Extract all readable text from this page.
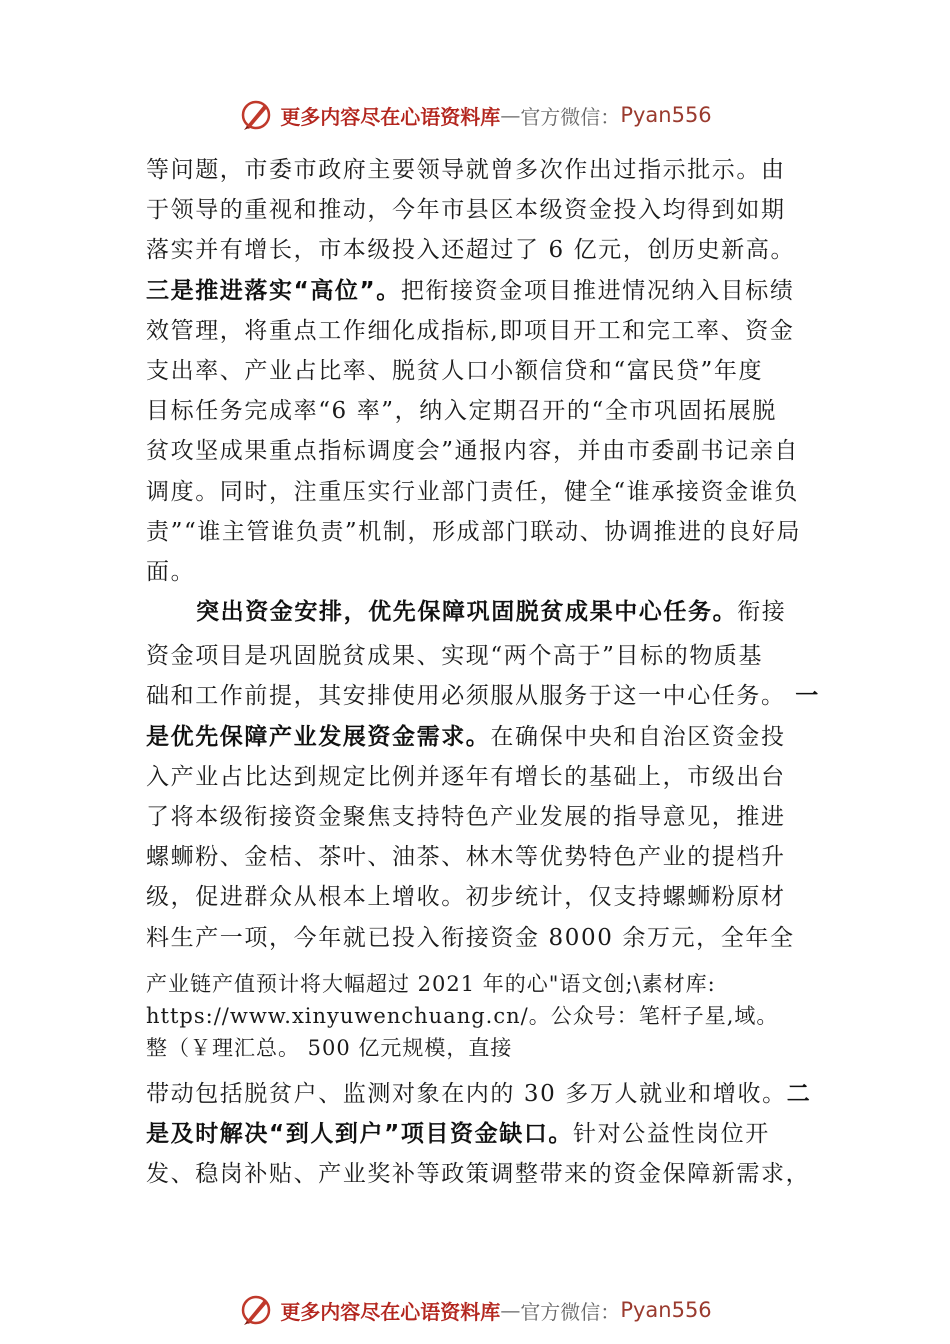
更多内容尽在心语资料库 — 官方微信： Pyan556
等问题，市委市政府主要领导就曾多次作出过指示批示。由
于领导的重视和推动，今年市县区本级资金投入均得到如期
落实并有增长，市本级投入还超过了 6 亿元，创历史新高。
三是推进落实“高位”。把衔接资金项目推进情况纳入目标绩
效管理，将重点工作细化成指标,即项目开工和完工率、资金
支出率、产业占比率、脱贫人口小额信贷和“富民贷”年度
目标任务完成率“6 率”，纳入定期召开的“全市巩固拓展脱
贫攻坚成果重点指标调度会”通报内容，并由市委副书记亲自
调度。同时，注重压实行业部门责任，健全“谁承接资金谁负
责”“谁主管谁负责”机制，形成部门联动、协调推进的良好局
面。
突出资金安排，优先保障巩固脱贫成果中心任务。衔接
资金项目是巩固脱贫成果、实现“两个高于”目标的物质基
础和工作前提，其安排使用必须服从服务于这一中心任务。 一
是优先保障产业发展资金需求。在确保中央和自治区资金投
入产业占比达到规定比例并逐年有增长的基础上，市级出台
了将本级衔接资金聚焦支持特色产业发展的指导意见，推进
螺蛳粉、金桔、茶叶、油茶、林木等优势特色产业的提档升
级，促进群众从根本上增收。初步统计，仅支持螺蛳粉原材
料生产一项，今年就已投入衔接资金 8000 余万元，全年全
产业链产值预计将大幅超过 2021 年的心"语文创;\素材库:
https://www.xinyuwenchuang.cn/。公众号：笔杆子星,域。
整（￥理汇总。 500 亿元规模，直接
带动包括脱贫户、监测对象在内的 30 多万人就业和增收。二
是及时解决“到人到户”项目资金缺口。针对公益性岗位开
发、稳岗补贴、产业奖补等政策调整带来的资金保障新需求，
更多内容尽在心语资料库 — 官方微信： Pyan556
